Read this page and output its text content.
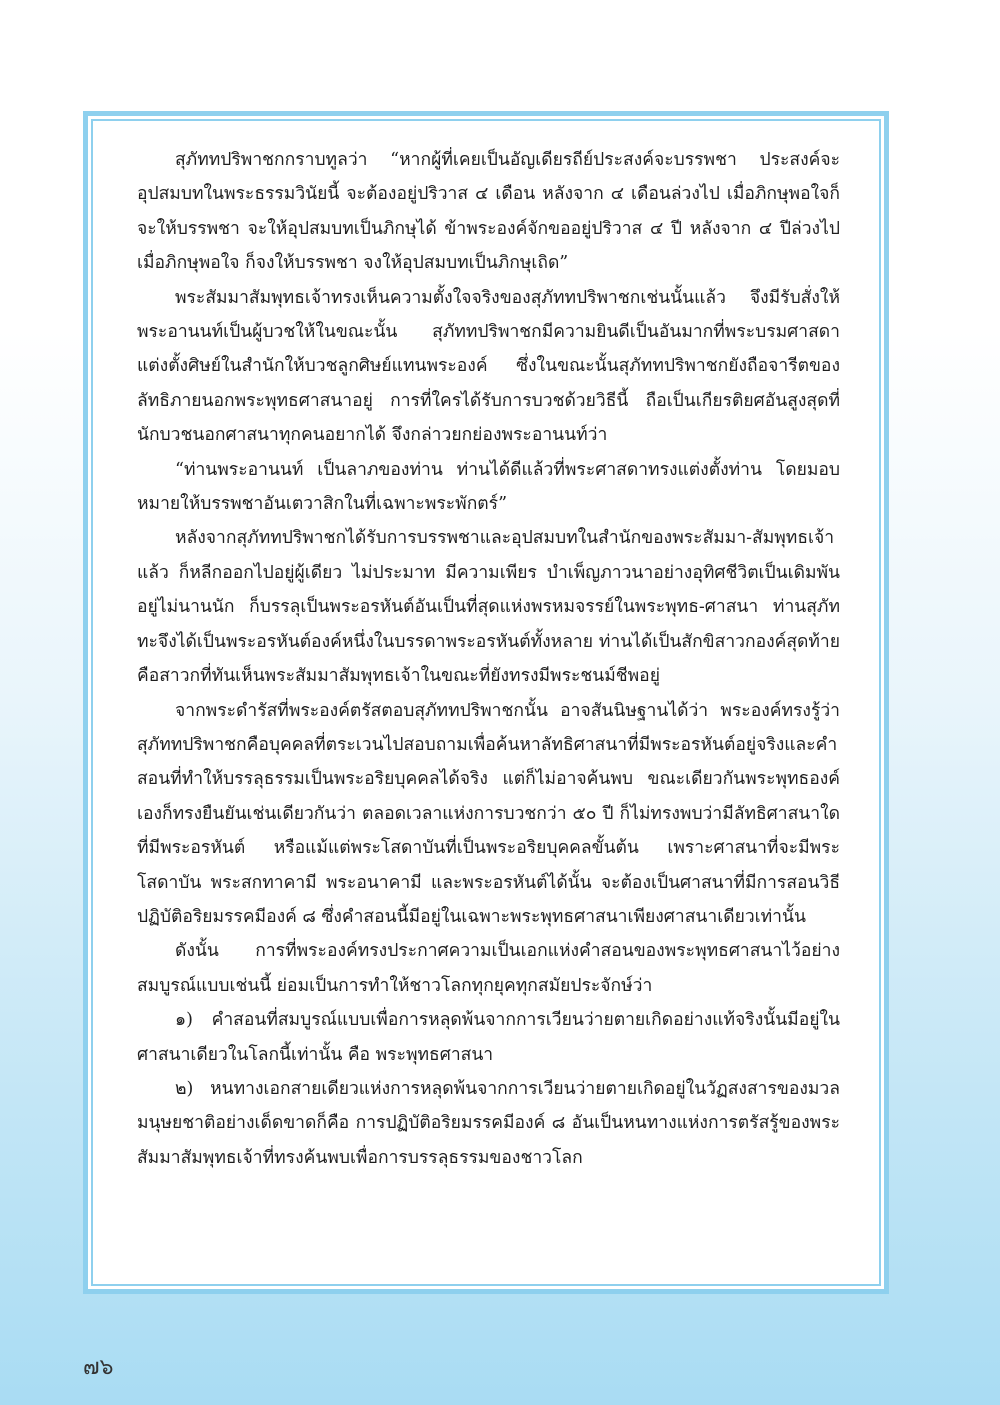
สุภัททปริพาชกกราบทูลว่า “หากผู้ที่เคยเป็นอัญเดียรถีย์ประสงค์จะบรรพชา ประสงค์จะอุปสมบทในพระธรรมวินัยนี้ จะต้องอยู่ปริวาส ๔ เดือน หลังจาก ๔ เดือนล่วงไป เมื่อภิกษุพอใจก็จะให้บรรพชา จะให้อุปสมบทเป็นภิกษุได้ ข้าพระองค์จักขออยู่ปริวาส ๔ ปี หลังจาก ๔ ปีล่วงไป เมื่อภิกษุพอใจ ก็จงให้บรรพชา จงให้อุปสมบทเป็นภิกษุเถิด”

พระสัมมาสัมพุทธเจ้าทรงเห็นความตั้งใจจริงของสุภัททปริพาชกเช่นนั้นแล้ว จึงมีรับสั่งให้พระอานนท์เป็นผู้บวชให้ในขณะนั้น สุภัททปริพาชกมีความยินดีเป็นอันมากที่พระบรมศาสดาแต่งตั้งศิษย์ในสำนักให้บวชลูกศิษย์แทนพระองค์ ซึ่งในขณะนั้นสุภัททปริพาชกยังถือจารีตของลัทธิภายนอกพระพุทธศาสนาอยู่ การที่ใครได้รับการบวชด้วยวิธีนี้ ถือเป็นเกียรติยศอันสูงสุดที่นักบวชนอกศาสนาทุกคนอยากได้ จึงกล่าวยกย่องพระอานนท์ว่า

“ท่านพระอานนท์ เป็นลาภของท่าน ท่านได้ดีแล้วที่พระศาสดาทรงแต่งตั้งท่าน โดยมอบหมายให้บรรพชาอันเตวาสิกในที่เฉพาะพระพักตร์”

หลังจากสุภัททปริพาชกได้รับการบรรพชาและอุปสมบทในสำนักของพระสัมมา-สัมพุทธเจ้าแล้ว ก็หลีกออกไปอยู่ผู้เดียว ไม่ประมาท มีความเพียร บำเพ็ญภาวนาอย่างอุทิศชีวิตเป็นเดิมพันอยู่ไม่นานนัก ก็บรรลุเป็นพระอรหันต์อันเป็นที่สุดแห่งพรหมจรรย์ในพระพุทธ-ศาสนา ท่านสุภัททะจึงได้เป็นพระอรหันต์องค์หนึ่งในบรรดาพระอรหันต์ทั้งหลาย ท่านได้เป็นสักขิสาวกองค์สุดท้าย คือสาวกที่ทันเห็นพระสัมมาสัมพุทธเจ้าในขณะที่ยังทรงมีพระชนม์ชีพอยู่

จากพระดำรัสที่พระองค์ตรัสตอบสุภัททปริพาชกนั้น อาจสันนิษฐานได้ว่า พระองค์ทรงรู้ว่า สุภัททปริพาชกคือบุคคลที่ตระเวนไปสอบถามเพื่อค้นหาลัทธิศาสนาที่มีพระอรหันต์อยู่จริงและคำสอนที่ทำให้บรรลุธรรมเป็นพระอริยบุคคลได้จริง แต่ก็ไม่อาจค้นพบ ขณะเดียวกันพระพุทธองค์เองก็ทรงยืนยันเช่นเดียวกันว่า ตลอดเวลาแห่งการบวชกว่า ๕๐ ปี ก็ไม่ทรงพบว่ามีลัทธิศาสนาใดที่มีพระอรหันต์ หรือแม้แต่พระโสดาบันที่เป็นพระอริยบุคคลขั้นต้น เพราะศาสนาที่จะมีพระโสดาบัน พระสกทาคามี พระอนาคามี และพระอรหันต์ได้นั้น จะต้องเป็นศาสนาที่มีการสอนวิธีปฏิบัติอริยมรรคมีองค์ ๘ ซึ่งคำสอนนี้มีอยู่ในเฉพาะพระพุทธศาสนาเพียงศาสนาเดียวเท่านั้น

ดังนั้น การที่พระองค์ทรงประกาศความเป็นเอกแห่งคำสอนของพระพุทธศาสนาไว้อย่างสมบูรณ์แบบเช่นนี้ ย่อมเป็นการทำให้ชาวโลกทุกยุคทุกสมัยประจักษ์ว่า

๑) คำสอนที่สมบูรณ์แบบเพื่อการหลุดพ้นจากการเวียนว่ายตายเกิดอย่างแท้จริงนั้นมีอยู่ในศาสนาเดียวในโลกนี้เท่านั้น คือ พระพุทธศาสนา

๒) หนทางเอกสายเดียวแห่งการหลุดพ้นจากการเวียนว่ายตายเกิดอยู่ในวัฏสงสารของมวลมนุษยชาติอย่างเด็ดขาดก็คือ การปฏิบัติอริยมรรคมีองค์ ๘ อันเป็นหนทางแห่งการตรัสรู้ของพระสัมมาสัมพุทธเจ้าที่ทรงค้นพบเพื่อการบรรลุธรรมของชาวโลก

๗๖
